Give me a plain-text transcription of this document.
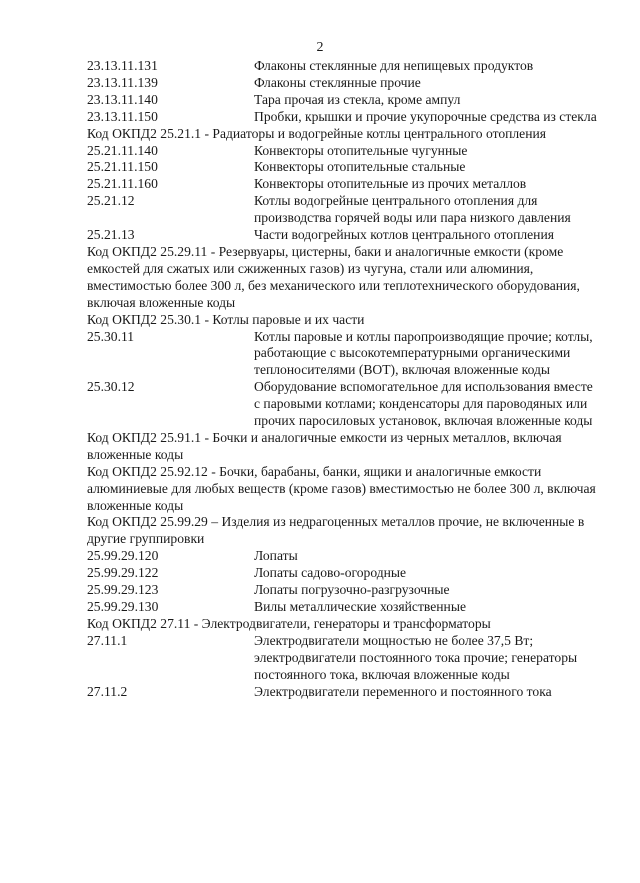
2
23.13.11.131	Флаконы стеклянные для непищевых продуктов
23.13.11.139	Флаконы стеклянные прочие
23.13.11.140	Тара прочая из стекла, кроме ампул
23.13.11.150	Пробки, крышки и прочие укупорочные средства из стекла
Код ОКПД2 25.21.1 - Радиаторы и водогрейные котлы центрального отопления
25.21.11.140	Конвекторы отопительные чугунные
25.21.11.150	Конвекторы отопительные стальные
25.21.11.160	Конвекторы отопительные из прочих металлов
25.21.12	Котлы водогрейные центрального отопления для производства горячей воды или пара низкого давления
25.21.13	Части водогрейных котлов центрального отопления
Код ОКПД2 25.29.11 - Резервуары, цистерны, баки и аналогичные емкости (кроме емкостей для сжатых или сжиженных газов) из чугуна, стали или алюминия, вместимостью более 300 л, без механического или теплотехнического оборудования, включая вложенные коды
Код ОКПД2 25.30.1 - Котлы паровые и их части
25.30.11	Котлы паровые и котлы паропроизводящие прочие; котлы, работающие с высокотемпературными органическими теплоносителями (ВОТ), включая вложенные коды
25.30.12	Оборудование вспомогательное для использования вместе с паровыми котлами; конденсаторы для пароводяных или прочих паросиловых установок, включая вложенные коды
Код ОКПД2 25.91.1 - Бочки и аналогичные емкости из черных металлов, включая вложенные коды
Код ОКПД2 25.92.12 - Бочки, барабаны, банки, ящики и аналогичные емкости алюминиевые для любых веществ (кроме газов) вместимостью не более 300 л, включая вложенные коды
Код ОКПД2 25.99.29 – Изделия из недрагоценных металлов прочие, не включенные в другие группировки
25.99.29.120	Лопаты
25.99.29.122	Лопаты садово-огородные
25.99.29.123	Лопаты погрузочно-разгрузочные
25.99.29.130	Вилы металлические хозяйственные
Код ОКПД2 27.11 - Электродвигатели, генераторы и трансформаторы
27.11.1	Электродвигатели мощностью не более 37,5 Вт; электродвигатели постоянного тока прочие; генераторы постоянного тока, включая вложенные коды
27.11.2	Электродвигатели переменного и постоянного тока
